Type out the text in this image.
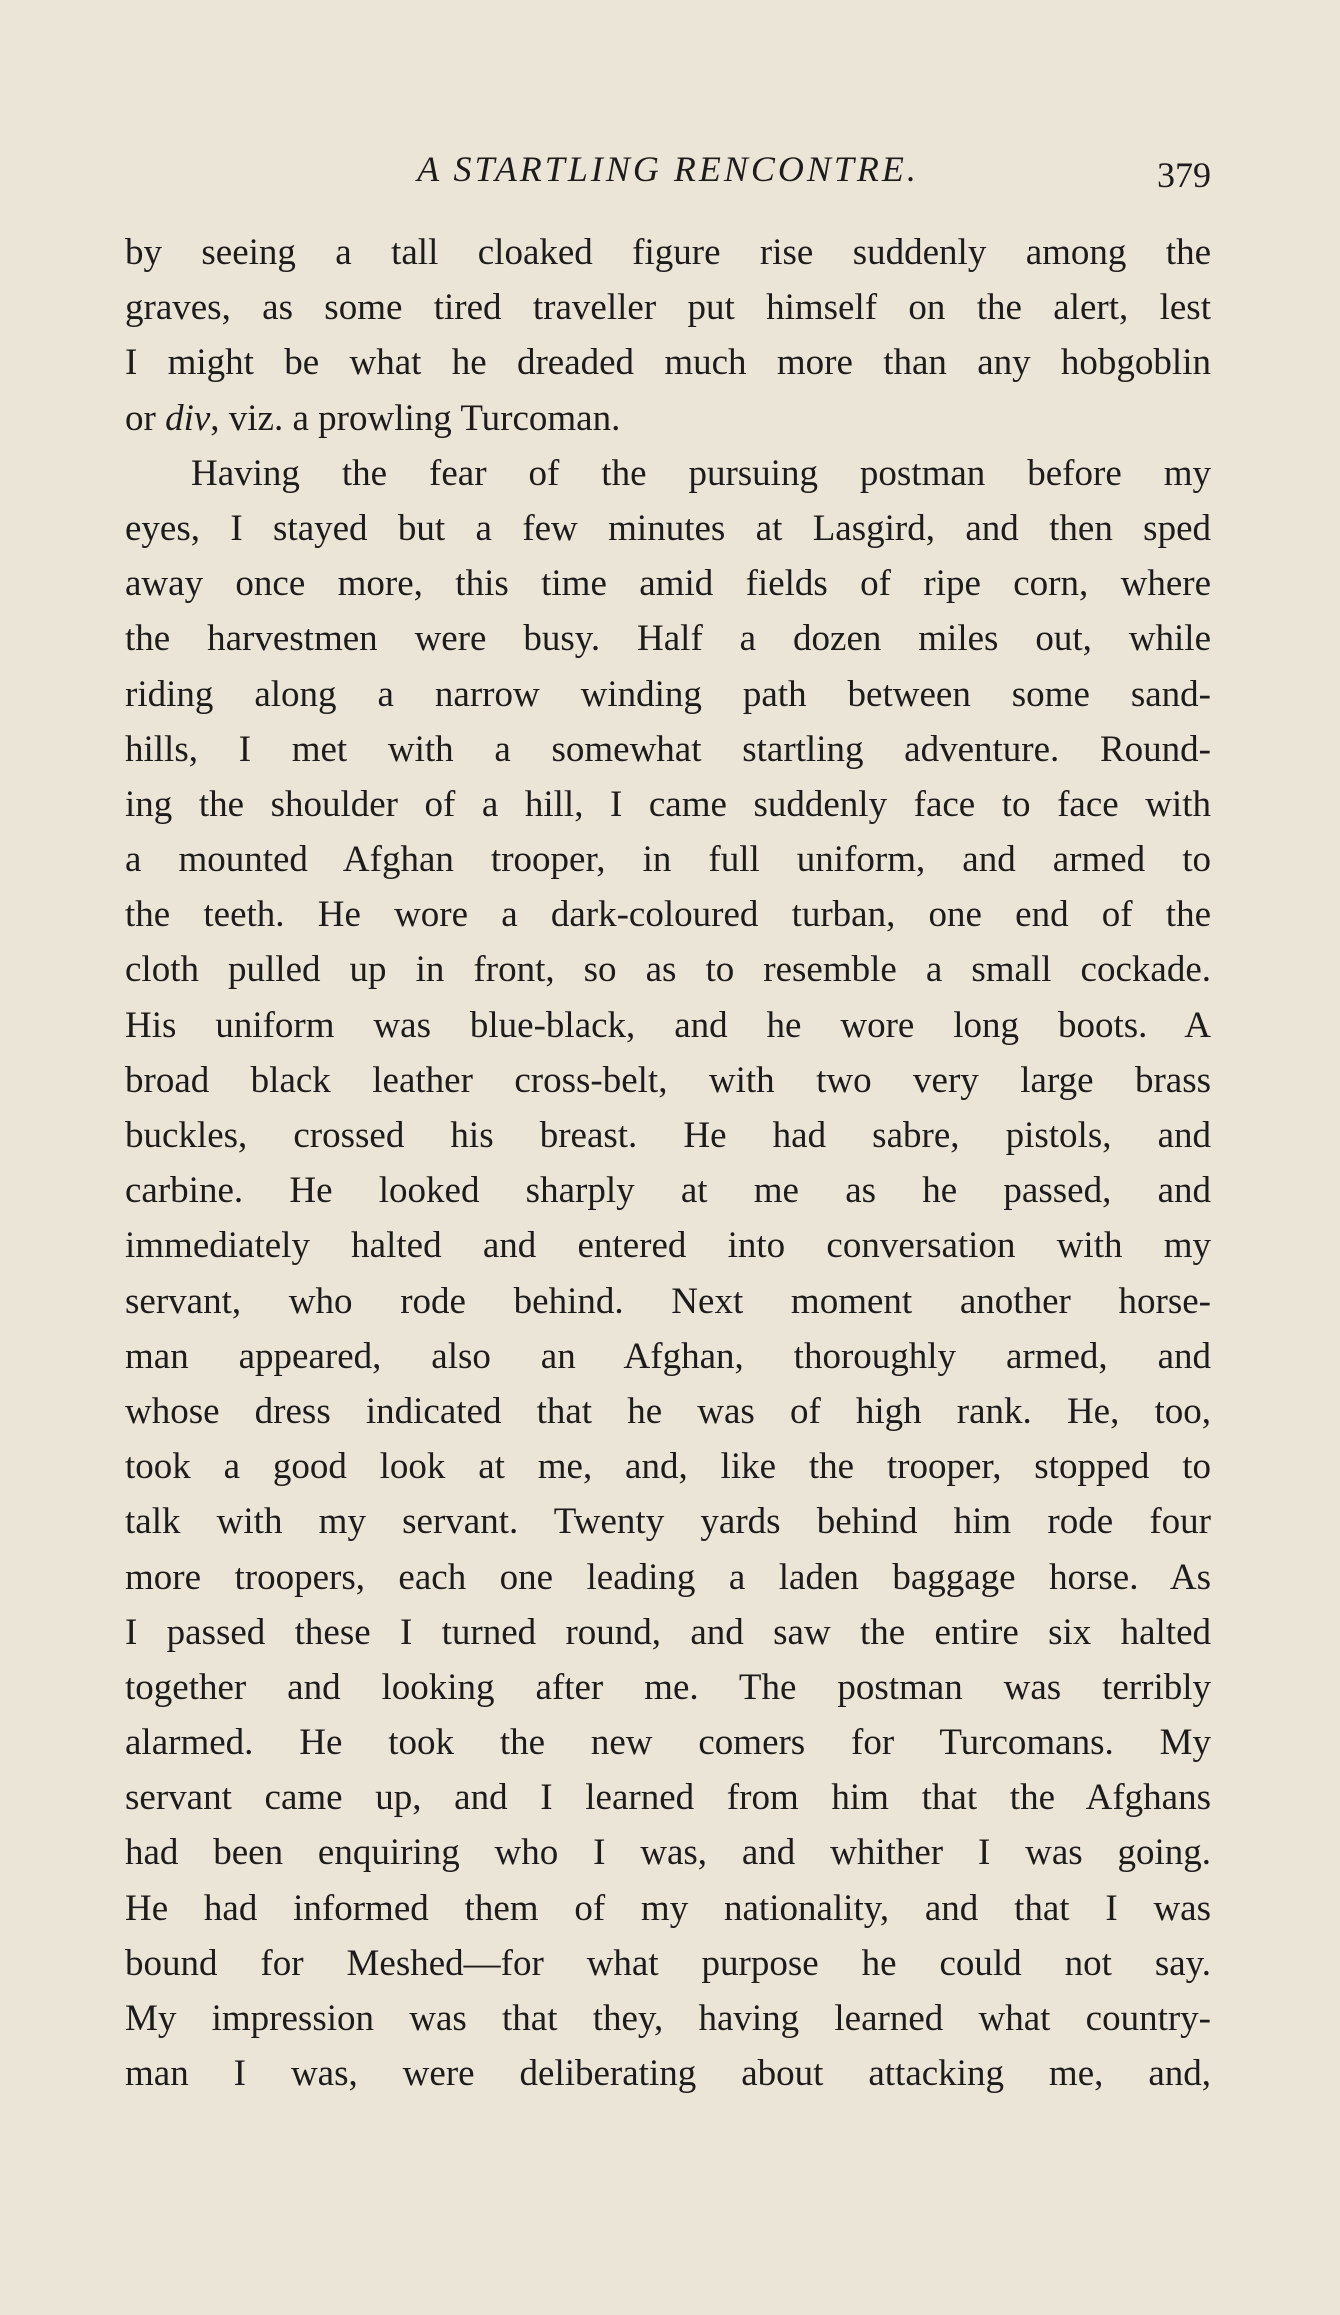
A STARTLING RENCONTRE.	379
by seeing a tall cloaked figure rise suddenly among the
graves, as some tired traveller put himself on the alert, lest
I might be what he dreaded much more than any hobgoblin
or div, viz. a prowling Turcoman.
Having the fear of the pursuing postman before my
eyes, I stayed but a few minutes at Lasgird, and then sped
away once more, this time amid fields of ripe corn, where
the harvestmen were busy. Half a dozen miles out, while
riding along a narrow winding path between some sand-
hills, I met with a somewhat startling adventure. Round-
ing the shoulder of a hill, I came suddenly face to face with
a mounted Afghan trooper, in full uniform, and armed to
the teeth. He wore a dark-coloured turban, one end of the
cloth pulled up in front, so as to resemble a small cockade.
His uniform was blue-black, and he wore long boots. A
broad black leather cross-belt, with two very large brass
buckles, crossed his breast. He had sabre, pistols, and
carbine. He looked sharply at me as he passed, and
immediately halted and entered into conversation with my
servant, who rode behind. Next moment another horse-
man appeared, also an Afghan, thoroughly armed, and
whose dress indicated that he was of high rank. He, too,
took a good look at me, and, like the trooper, stopped to
talk with my servant. Twenty yards behind him rode four
more troopers, each one leading a laden baggage horse. As
I passed these I turned round, and saw the entire six halted
together and looking after me. The postman was terribly
alarmed. He took the new comers for Turcomans. My
servant came up, and I learned from him that the Afghans
had been enquiring who I was, and whither I was going.
He had informed them of my nationality, and that I was
bound for Meshed—for what purpose he could not say.
My impression was that they, having learned what country-
man I was, were deliberating about attacking me, and,
